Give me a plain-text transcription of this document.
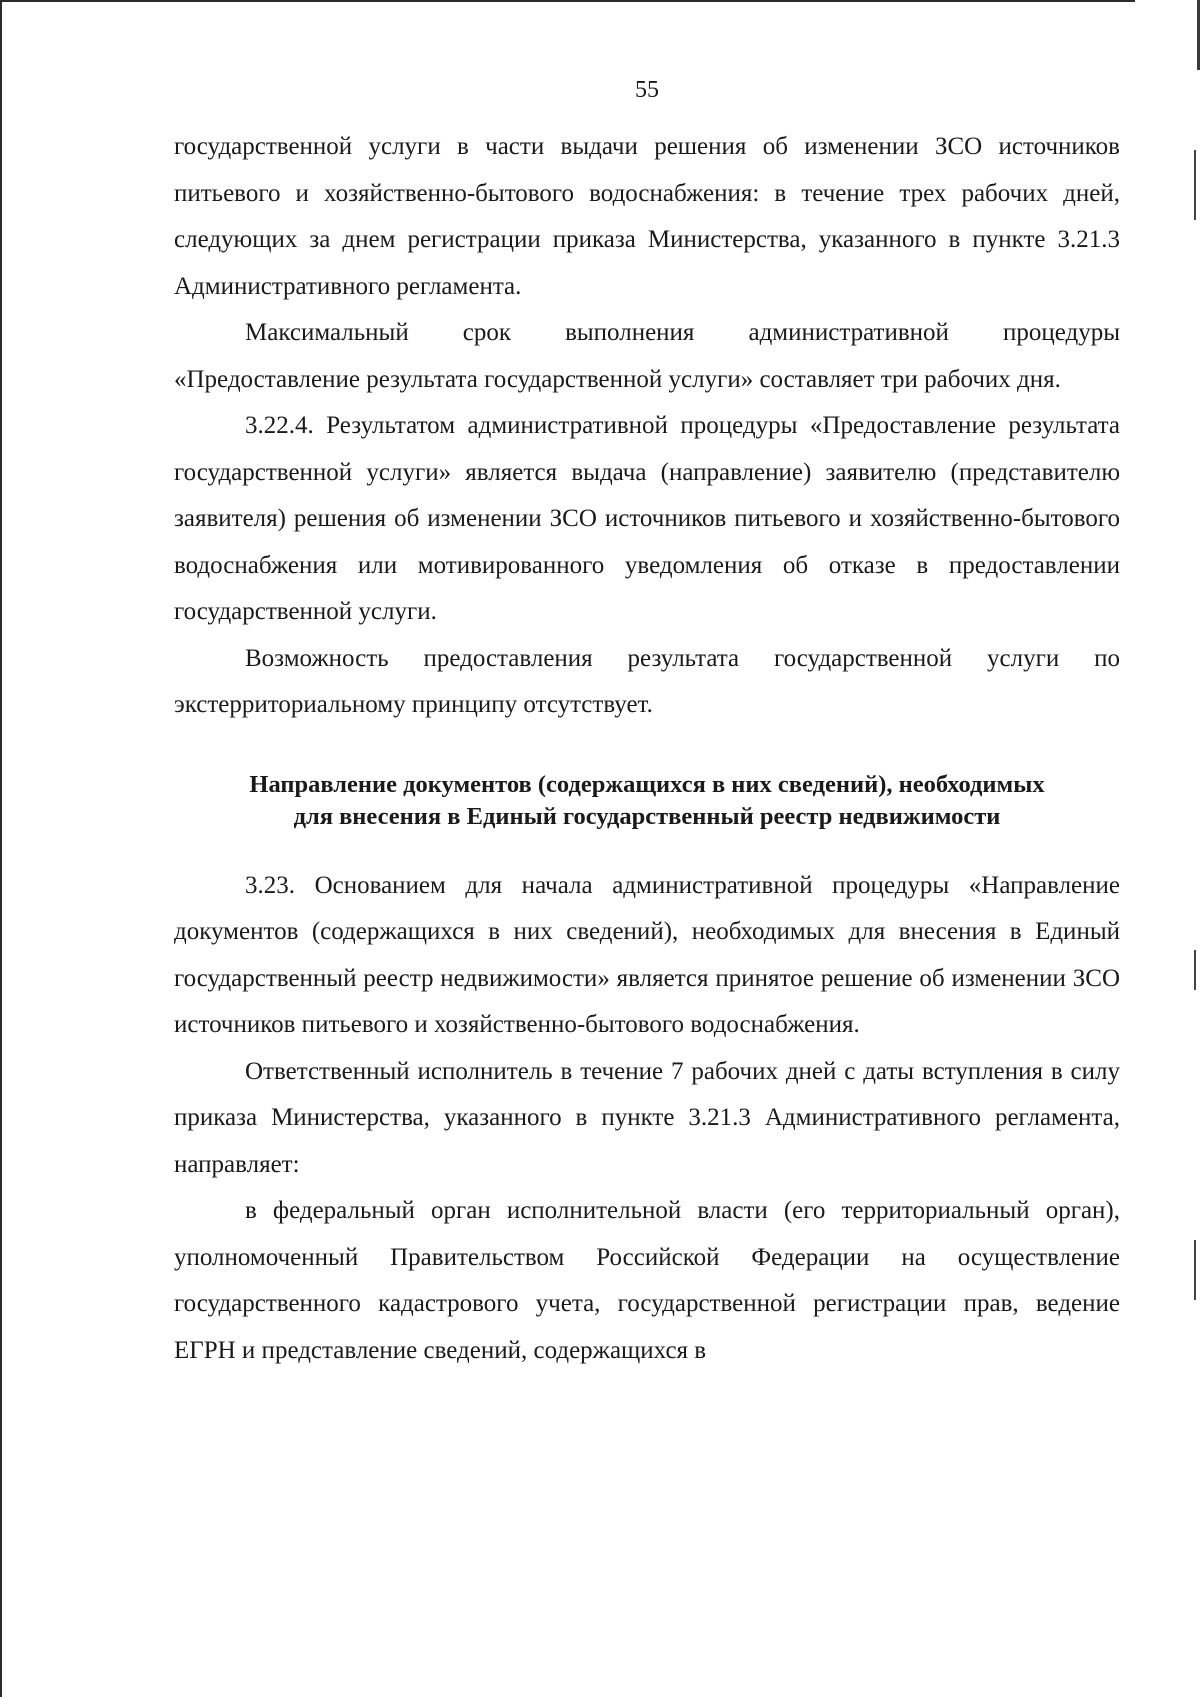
55

государственной услуги в части выдачи решения об изменении ЗСО источников питьевого и хозяйственно-бытового водоснабжения: в течение трех рабочих дней, следующих за днем регистрации приказа Министерства, указанного в пункте 3.21.3 Административного регламента.

Максимальный срок выполнения административной процедуры «Предоставление результата государственной услуги» составляет три рабочих дня.

3.22.4. Результатом административной процедуры «Предоставление результата государственной услуги» является выдача (направление) заявителю (представителю заявителя) решения об изменении ЗСО источников питьевого и хозяйственно-бытового водоснабжения или мотивированного уведомления об отказе в предоставлении государственной услуги.

Возможность предоставления результата государственной услуги по экстерриториальному принципу отсутствует.

Направление документов (содержащихся в них сведений), необходимых
для внесения в Единый государственный реестр недвижимости

3.23. Основанием для начала административной процедуры «Направление документов (содержащихся в них сведений), необходимых для внесения в Единый государственный реестр недвижимости» является принятое решение об изменении ЗСО источников питьевого и хозяйственно-бытового водоснабжения.

Ответственный исполнитель в течение 7 рабочих дней с даты вступления в силу приказа Министерства, указанного в пункте 3.21.3 Административного регламента, направляет:

в федеральный орган исполнительной власти (его территориальный орган), уполномоченный Правительством Российской Федерации на осуществление государственного кадастрового учета, государственной регистрации прав, ведение ЕГРН и представление сведений, содержащихся в
